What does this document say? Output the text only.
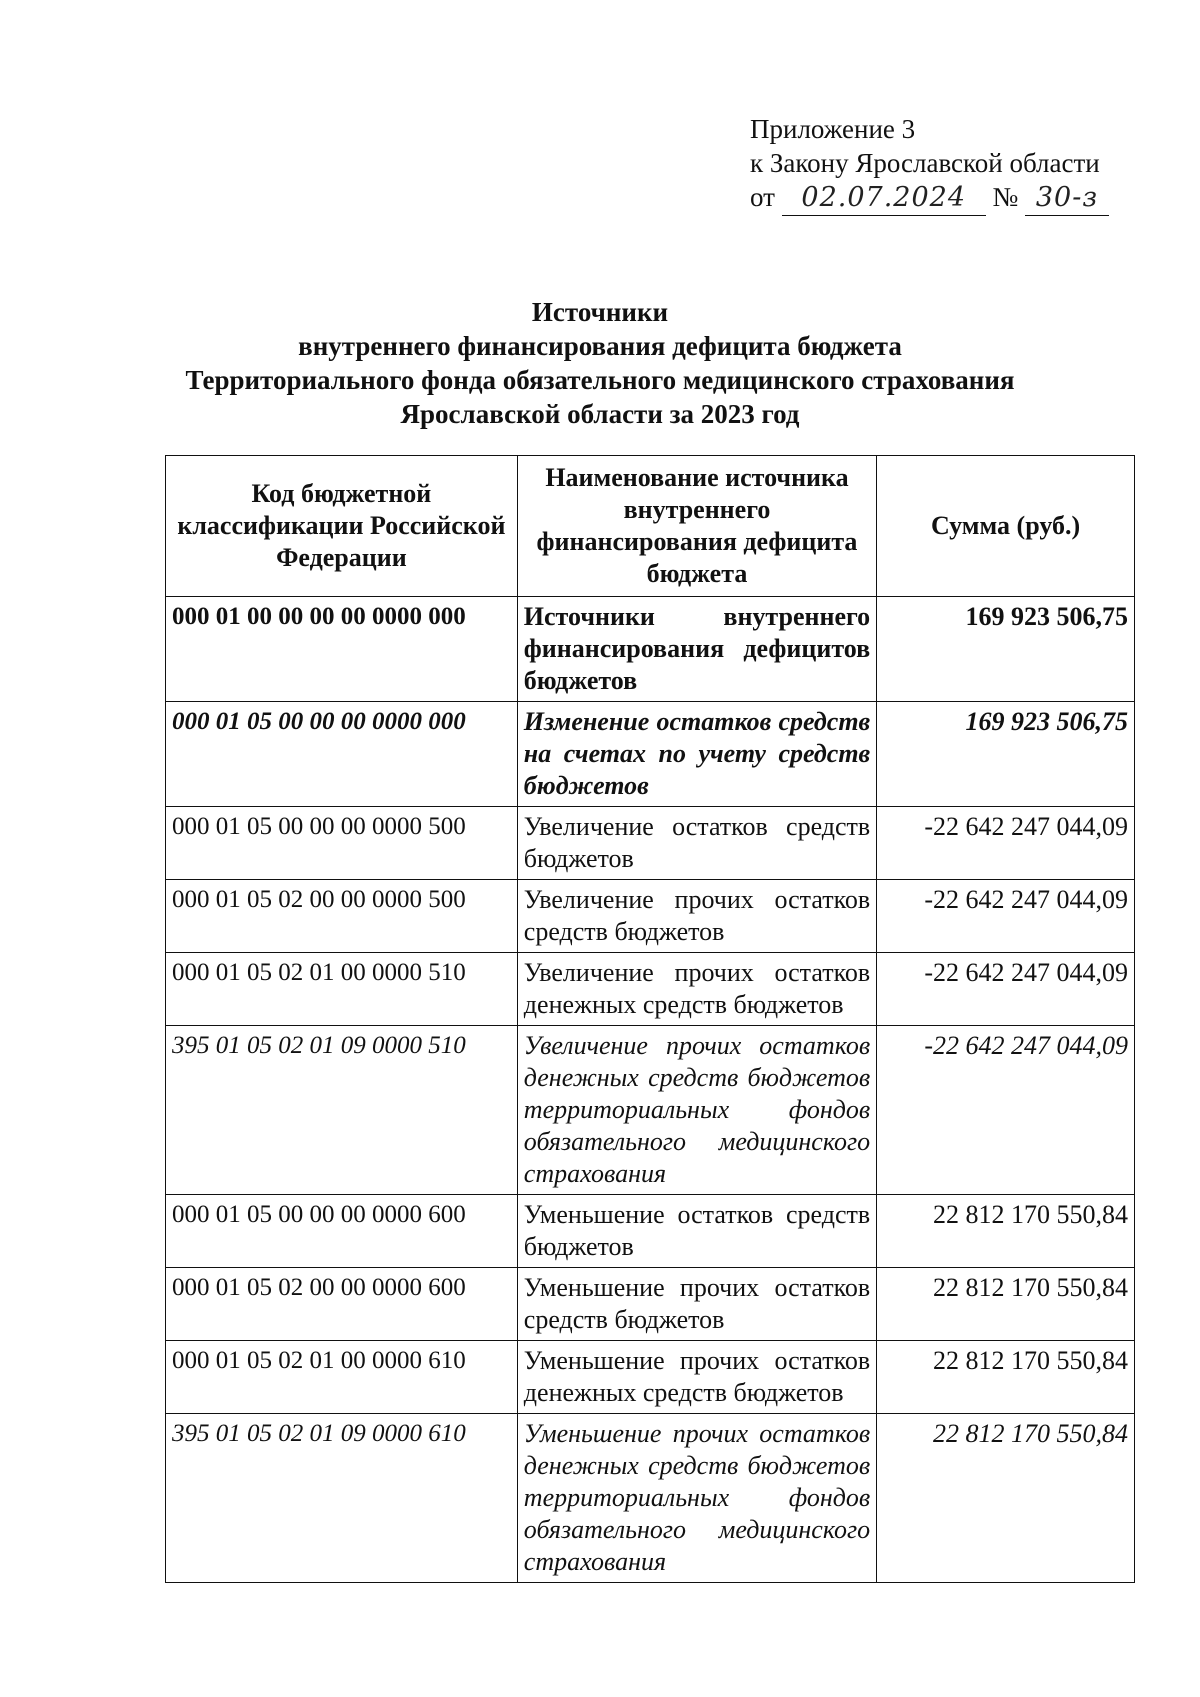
Приложение 3
к Закону Ярославской области
от 02.07.2024 № 30-з
Источники
внутреннего финансирования дефицита бюджета
Территориального фонда обязательного медицинского страхования
Ярославской области за 2023 год
Код бюджетной классификации Российской Федерации	Наименование источника внутреннего финансирования дефицита бюджета	Сумма (руб.)
000 01 00 00 00 00 0000 000	Источники внутреннего финансирования дефицитов бюджетов	169 923 506,75
000 01 05 00 00 00 0000 000	Изменение остатков средств на счетах по учету средств бюджетов	169 923 506,75
000 01 05 00 00 00 0000 500	Увеличение остатков средств бюджетов	-22 642 247 044,09
000 01 05 02 00 00 0000 500	Увеличение прочих остатков средств бюджетов	-22 642 247 044,09
000 01 05 02 01 00 0000 510	Увеличение прочих остатков денежных средств бюджетов	-22 642 247 044,09
395 01 05 02 01 09 0000 510	Увеличение прочих остатков денежных средств бюджетов территориальных фондов обязательного медицинского страхования	-22 642 247 044,09
000 01 05 00 00 00 0000 600	Уменьшение остатков средств бюджетов	22 812 170 550,84
000 01 05 02 00 00 0000 600	Уменьшение прочих остатков средств бюджетов	22 812 170 550,84
000 01 05 02 01 00 0000 610	Уменьшение прочих остатков денежных средств бюджетов	22 812 170 550,84
395 01 05 02 01 09 0000 610	Уменьшение прочих остатков денежных средств бюджетов территориальных фондов обязательного медицинского страхования	22 812 170 550,84
